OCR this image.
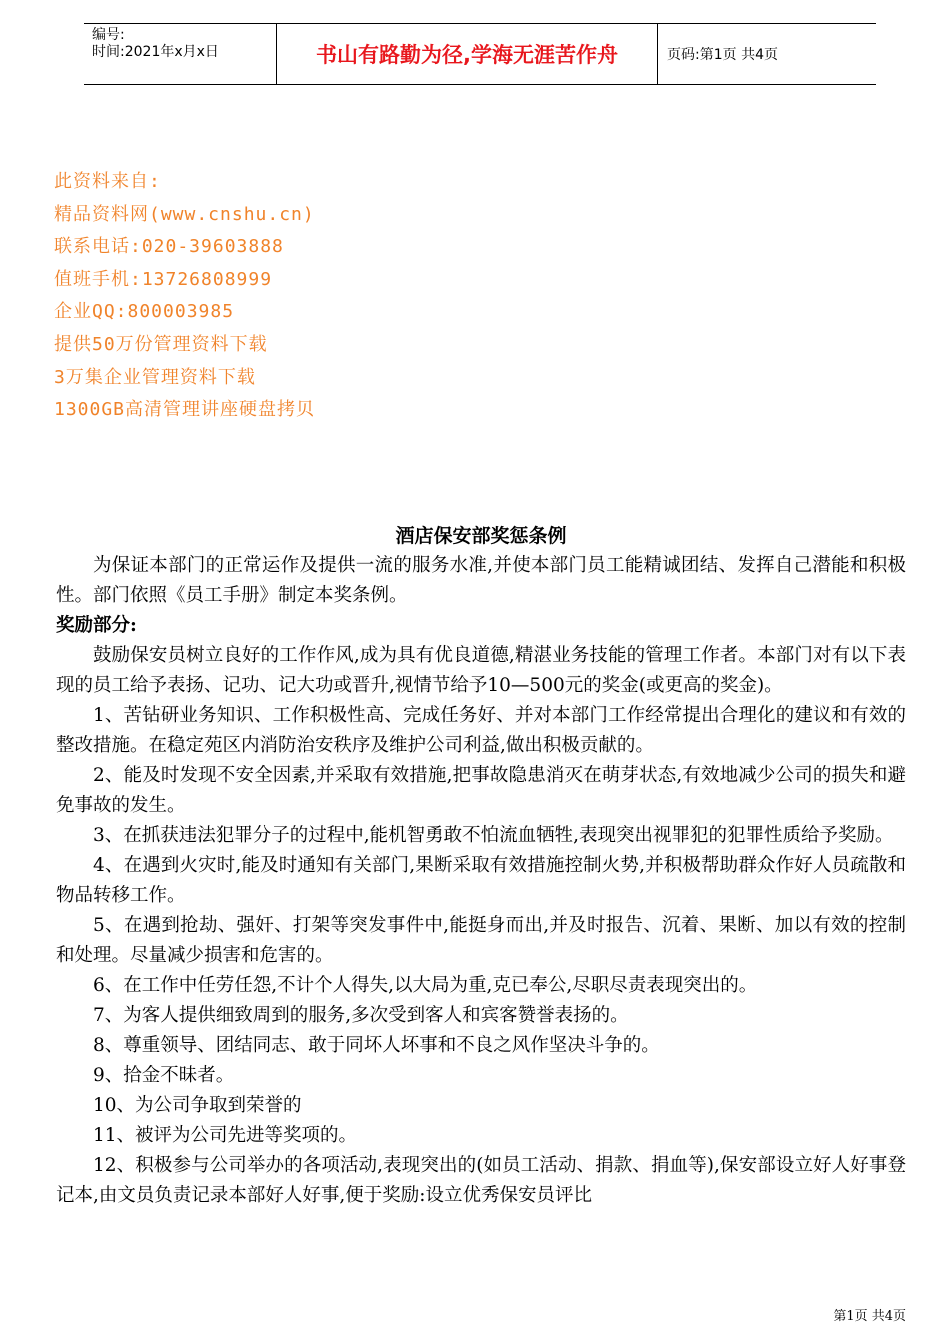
编号:
时间:2021年x月x日	书山有路勤为径,学海无涯苦作舟	页码:第1页 共4页
此资料来自:
精品资料网(www.cnshu.cn)
联系电话:020-39603888
值班手机:13726808999
企业QQ:800003985
提供50万份管理资料下载
3万集企业管理资料下载
1300GB高清管理讲座硬盘拷贝
酒店保安部奖惩条例

为保证本部门的正常运作及提供一流的服务水准,并使本部门员工能精诚团结、发挥自己潜能和积极性。部门依照《员工手册》制定本奖条例。

奖励部分:

鼓励保安员树立良好的工作作风,成为具有优良道德,精湛业务技能的管理工作者。本部门对有以下表现的员工给予表扬、记功、记大功或晋升,视情节给予10—500元的奖金(或更高的奖金)。

1、苦钻研业务知识、工作积极性高、完成任务好、并对本部门工作经常提出合理化的建议和有效的整改措施。在稳定苑区内消防治安秩序及维护公司利益,做出积极贡献的。

2、能及时发现不安全因素,并采取有效措施,把事故隐患消灭在萌芽状态,有效地减少公司的损失和避免事故的发生。

3、在抓获违法犯罪分子的过程中,能机智勇敢不怕流血牺牲,表现突出视罪犯的犯罪性质给予奖励。

4、在遇到火灾时,能及时通知有关部门,果断采取有效措施控制火势,并积极帮助群众作好人员疏散和物品转移工作。

5、在遇到抢劫、强奸、打架等突发事件中,能挺身而出,并及时报告、沉着、果断、加以有效的控制和处理。尽量减少损害和危害的。

6、在工作中任劳任怨,不计个人得失,以大局为重,克已奉公,尽职尽责表现突出的。

7、为客人提供细致周到的服务,多次受到客人和宾客赞誉表扬的。

8、尊重领导、团结同志、敢于同坏人坏事和不良之风作坚决斗争的。

9、拾金不昧者。

10、为公司争取到荣誉的

11、被评为公司先进等奖项的。

12、积极参与公司举办的各项活动,表现突出的(如员工活动、捐款、捐血等),保安部设立好人好事登记本,由文员负责记录本部好人好事,便于奖励:设立优秀保安员评比

第1页 共4页
